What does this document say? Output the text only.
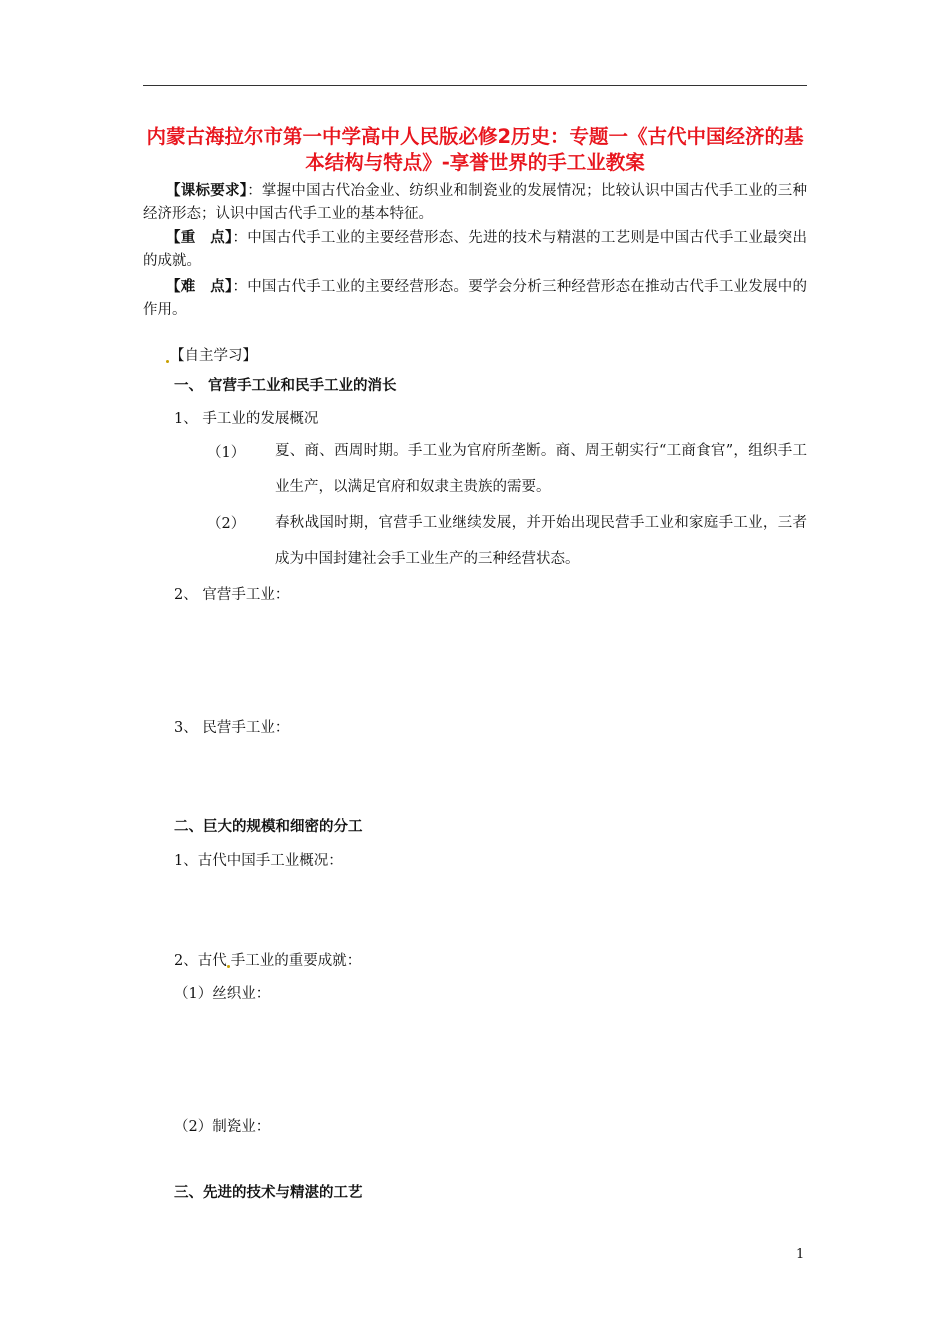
内蒙古海拉尔市第一中学高中人民版必修2历史：专题一《古代中国经济的基本结构与特点》-享誉世界的手工业教案
【课标要求】：掌握中国古代冶金业、纺织业和制瓷业的发展情况；比较认识中国古代手工业的三种经济形态；认识中国古代手工业的基本特征。
【重　点】：中国古代手工业的主要经营形态、先进的技术与精湛的工艺则是中国古代手工业最突出的成就。
【难　点】：中国古代手工业的主要经营形态。要学会分析三种经营形态在推动古代手工业发展中的作用。
【自主学习】
一、 官营手工业和民手工业的消长
1、 手工业的发展概况
（1） 夏、商、西周时期。手工业为官府所垄断。商、周王朝实行“工商食官”，组织手工业生产，以满足官府和奴隶主贵族的需要。
（2） 春秋战国时期，官营手工业继续发展，并开始出现民营手工业和家庭手工业，三者成为中国封建社会手工业生产的三种经营状态。
2、 官营手工业：
3、 民营手工业：
二、巨大的规模和细密的分工
1、古代中国手工业概况：
2、古代 手工业的重要成就：
（1）丝织业：
（2）制瓷业：
三、先进的技术与精湛的工艺
1
